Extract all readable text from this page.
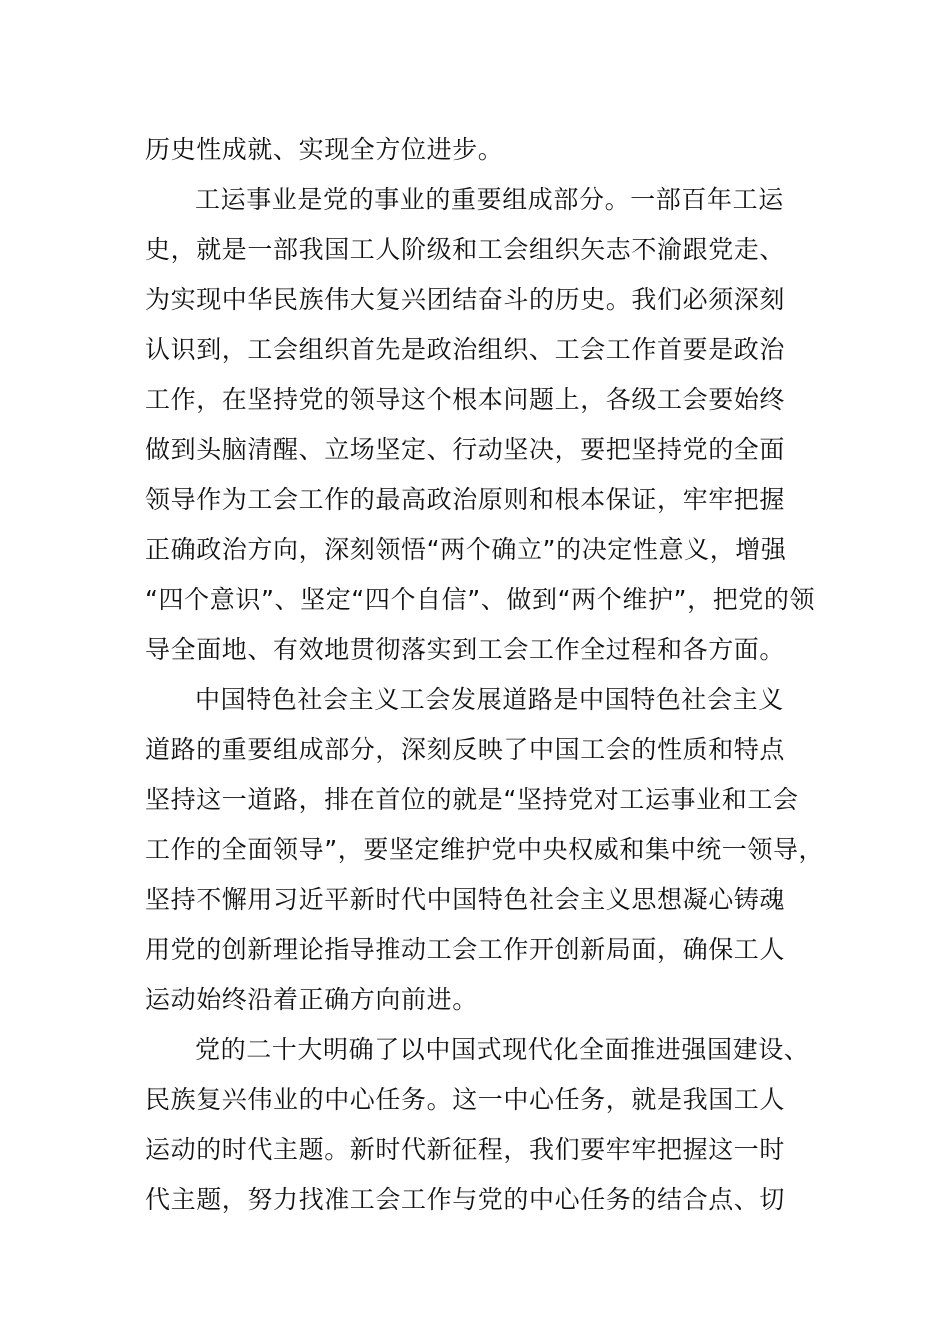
历史性成就、实现全方位进步。
工运事业是党的事业的重要组成部分。一部百年工运
史，就是一部我国工人阶级和工会组织矢志不渝跟党走、
为实现中华民族伟大复兴团结奋斗的历史。我们必须深刻
认识到，工会组织首先是政治组织、工会工作首要是政治
工作，在坚持党的领导这个根本问题上，各级工会要始终
做到头脑清醒、立场坚定、行动坚决，要把坚持党的全面
领导作为工会工作的最高政治原则和根本保证，牢牢把握
正确政治方向，深刻领悟“两个确立”的决定性意义，增强
“四个意识”、坚定“四个自信”、做到“两个维护”，把党的领
导全面地、有效地贯彻落实到工会工作全过程和各方面。
中国特色社会主义工会发展道路是中国特色社会主义
道路的重要组成部分，深刻反映了中国工会的性质和特点
坚持这一道路，排在首位的就是“坚持党对工运事业和工会
工作的全面领导”，要坚定维护党中央权威和集中统一领导，
坚持不懈用习近平新时代中国特色社会主义思想凝心铸魂
用党的创新理论指导推动工会工作开创新局面，确保工人
运动始终沿着正确方向前进。
党的二十大明确了以中国式现代化全面推进强国建设、
民族复兴伟业的中心任务。这一中心任务，就是我国工人
运动的时代主题。新时代新征程，我们要牢牢把握这一时
代主题，努力找准工会工作与党的中心任务的结合点、切
